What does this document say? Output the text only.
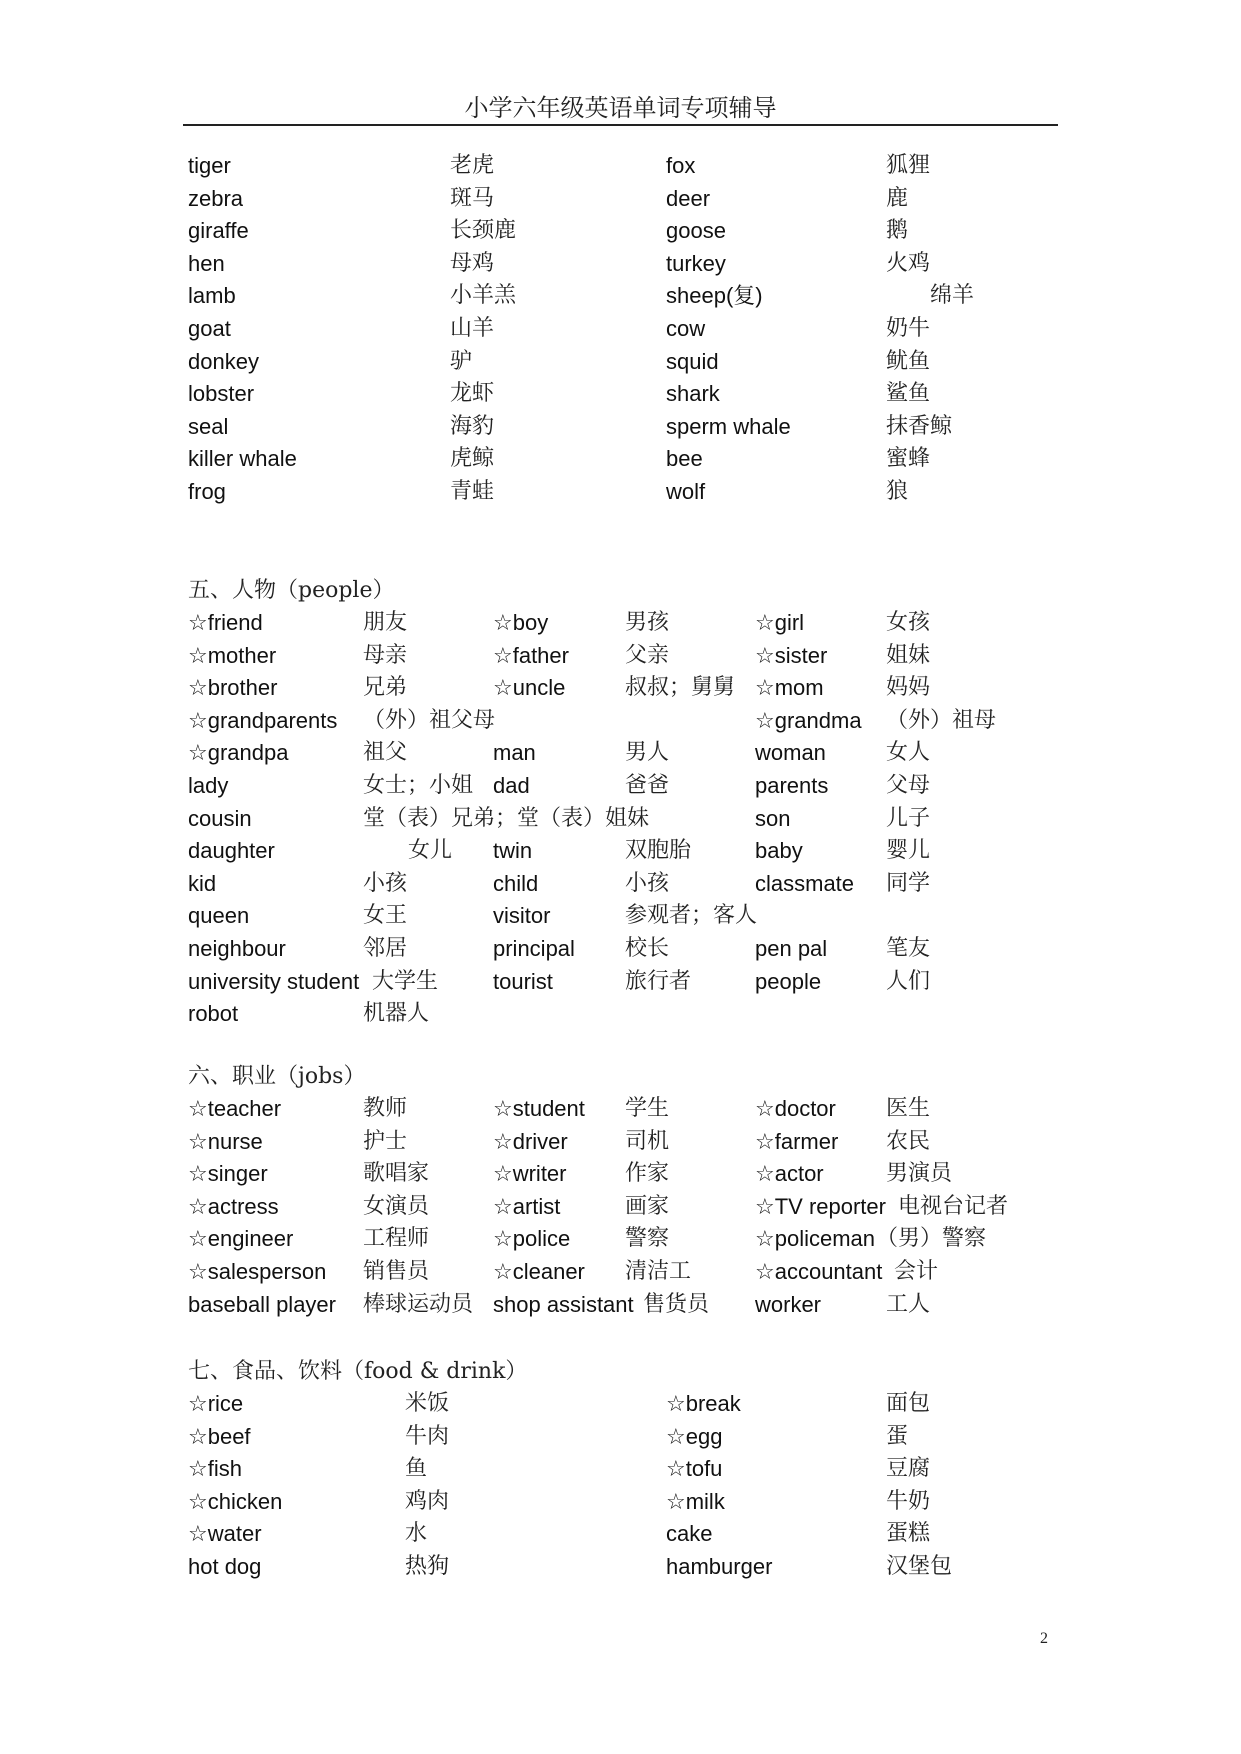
小学六年级英语单词专项辅导
tiger	老虎	fox	狐狸
zebra	斑马	deer	鹿
giraffe	长颈鹿	goose	鹅
hen	母鸡	turkey	火鸡
lamb	小羊羔	sheep(复)	绵羊
goat	山羊	cow	奶牛
donkey	驴	squid	鱿鱼
lobster	龙虾	shark	鲨鱼
seal	海豹	sperm whale	抹香鲸
killer whale	虎鲸	bee	蜜蜂
frog	青蛙	wolf	狼
五、人物（people）
☆friend	朋友	☆boy	男孩	☆girl	女孩
☆mother	母亲	☆father	父亲	☆sister	姐妹
☆brother	兄弟	☆uncle	叔叔；舅舅 ☆mom	妈妈
☆grandparents （外）祖父母	☆grandma （外）祖母
☆grandpa	祖父	man	男人	woman	女人
lady	女士；小姐 dad	爸爸	parents	父母
cousin	堂（表）兄弟；堂（表）姐妹	son	儿子
daughter	女儿 twin	双胞胎	baby	婴儿
kid	小孩	child	小孩	classmate 同学
queen	女王	visitor	参观者；客人
neighbour	邻居	principal 校长	pen pal	笔友
university student 大学生 tourist	旅行者	people	人们
robot	机器人
六、职业（jobs）
☆teacher	教师	☆student 学生	☆doctor 医生
☆nurse	护士	☆driver	司机	☆farmer 农民
☆singer	歌唱家	☆writer	作家	☆actor	男演员
☆actress	女演员	☆artist	画家	☆TV reporter 电视台记者
☆engineer	工程师	☆police 警察	☆policeman （男）警察
☆salesperson 销售员	☆cleaner 清洁工	☆accountant 会计
baseball player 棒球运动员 shop assistant 售货员 worker	工人
七、食品、饮料（food & drink）
☆rice	米饭	☆break	面包
☆beef	牛肉	☆egg	蛋
☆fish	鱼	☆tofu	豆腐
☆chicken	鸡肉	☆milk	牛奶
☆water	水	cake	蛋糕
hot dog	热狗	hamburger	汉堡包
2
